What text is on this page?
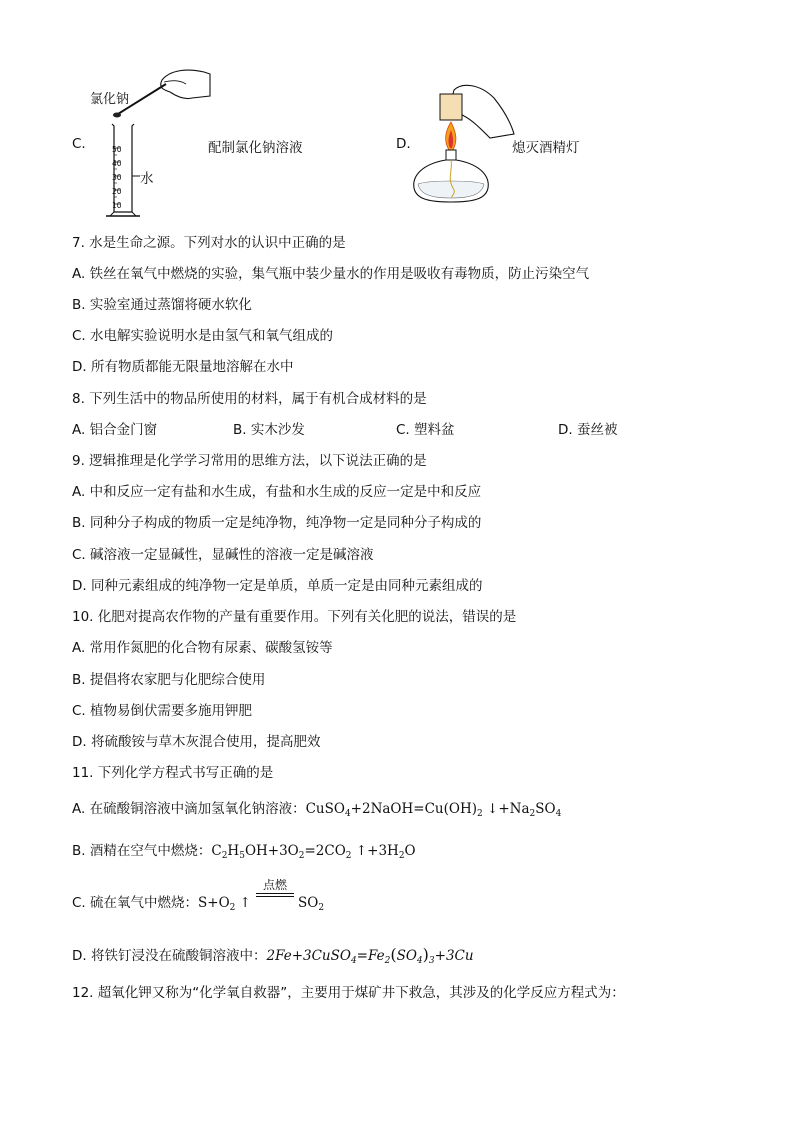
C.
氯化钠
50
40
30
20
10
水
配制氯化钠溶液	D.	熄灭酒精灯
7. 水是生命之源。下列对水的认识中正确的是
A. 铁丝在氧气中燃烧的实验，集气瓶中装少量水的作用是吸收有毒物质，防止污染空气
B. 实验室通过蒸馏将硬水软化
C. 水电解实验说明水是由氢气和氧气组成的
D. 所有物质都能无限量地溶解在水中
8. 下列生活中的物品所使用的材料，属于有机合成材料的是
A. 铝合金门窗	B. 实木沙发	C. 塑料盆	D. 蚕丝被
9. 逻辑推理是化学学习常用的思维方法，以下说法正确的是
A. 中和反应一定有盐和水生成，有盐和水生成的反应一定是中和反应
B. 同种分子构成的物质一定是纯净物，纯净物一定是同种分子构成的
C. 碱溶液一定显碱性，显碱性的溶液一定是碱溶液
D. 同种元素组成的纯净物一定是单质，单质一定是由同种元素组成的
10. 化肥对提高农作物的产量有重要作用。下列有关化肥的说法，错误的是
A. 常用作氮肥的化合物有尿素、碳酸氢铵等
B. 提倡将农家肥与化肥综合使用
C. 植物易倒伏需要多施用钾肥
D. 将硫酸铵与草木灰混合使用，提高肥效
11. 下列化学方程式书写正确的是
A. 在硫酸铜溶液中滴加氢氧化钠溶液：$CuSO_4+2NaOH=Cu(OH)_2$ $↓+Na_2SO_4$
B. 酒精在空气中燃烧：$C_2H_5OH+3O_2=2CO_2$ $↑+3H_2O$
C. 硫在氧气中燃烧：$S+O_2$ ↑
点燃
$SO_2$
D. 将铁钉浸没在硫酸铜溶液中：$2Fe+3CuSO_4=Fe_2(SO_4)_3+3Cu$
12. 超氧化钾又称为“化学氧自救器”，主要用于煤矿井下救急，其涉及的化学反应方程式为：
